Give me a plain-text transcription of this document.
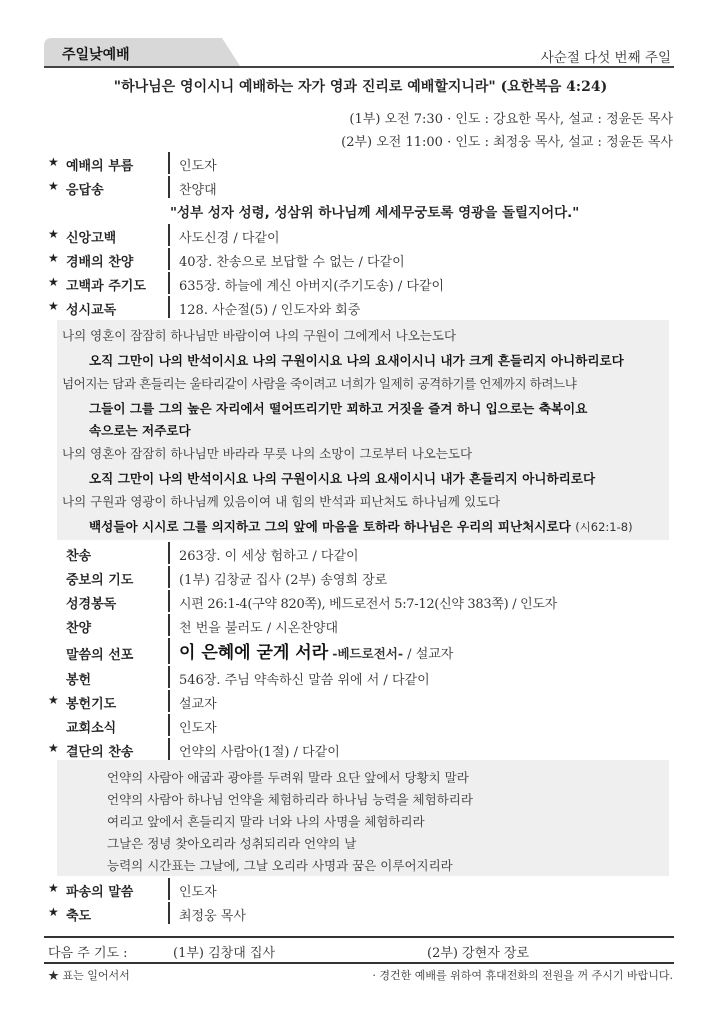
주일낮예배	사순절 다섯 번째 주일
"하나님은 영이시니 예배하는 자가 영과 진리로 예배할지니라" (요한복음 4:24)
(1부) 오전 7:30 · 인도 : 강요한 목사, 설교 : 정윤돈 목사
(2부) 오전 11:00 · 인도 : 최정웅 목사, 설교 : 정윤돈 목사
★ 예배의 부름	인도자
★ 응답송	찬양대
"성부 성자 성령, 성삼위 하나님께 세세무궁토록 영광을 돌릴지어다."
★ 신앙고백	사도신경 / 다같이
★ 경배의 찬양	40장. 찬송으로 보답할 수 없는 / 다같이
★ 고백과 주기도	635장. 하늘에 계신 아버지(주기도송) / 다같이
★ 성시교독	128. 사순절(5) / 인도자와 회중
나의 영혼이 잠잠히 하나님만 바람이여 나의 구원이 그에게서 나오는도다
오직 그만이 나의 반석이시요 나의 구원이시요 나의 요새이시니 내가 크게 흔들리지 아니하리로다
넘어지는 담과 흔들리는 울타리같이 사람을 죽이려고 너희가 일제히 공격하기를 언제까지 하려느냐
그들이 그를 그의 높은 자리에서 떨어뜨리기만 꾀하고 거짓을 즐겨 하니 입으로는 축복이요
속으로는 저주로다
나의 영혼아 잠잠히 하나님만 바라라 무릇 나의 소망이 그로부터 나오는도다
오직 그만이 나의 반석이시요 나의 구원이시요 나의 요새이시니 내가 흔들리지 아니하리로다
나의 구원과 영광이 하나님께 있음이여 내 힘의 반석과 피난처도 하나님께 있도다
백성들아 시시로 그를 의지하고 그의 앞에 마음을 토하라 하나님은 우리의 피난처시로다 (시62:1-8)
찬송	263장. 이 세상 험하고 / 다같이
중보의 기도	(1부) 김창균 집사 (2부) 송영희 장로
성경봉독	시편 26:1-4(구약 820쪽), 베드로전서 5:7-12(신약 383쪽) / 인도자
찬양	천 번을 불러도 / 시온찬양대
말씀의 선포	이 은혜에 굳게 서라 -베드로전서- / 설교자
봉헌	546장. 주님 약속하신 말씀 위에 서 / 다같이
★ 봉헌기도	설교자
교회소식	인도자
★ 결단의 찬송	언약의 사람아(1절) / 다같이
언약의 사람아 애굽과 광야를 두려워 말라 요단 앞에서 당황치 말라
언약의 사람아 하나님 언약을 체험하리라 하나님 능력을 체험하리라
여리고 앞에서 흔들리지 말라 너와 나의 사명을 체험하리라
그날은 정녕 찾아오리라 성취되리라 언약의 날
능력의 시간표는 그날에, 그날 오리라 사명과 꿈은 이루어지리라
★ 파송의 말씀	인도자
★ 축도	최정웅 목사
다음 주 기도 :	(1부) 김창대 집사	(2부) 강현자 장로
★ 표는 일어서서	· 경건한 예배를 위하여 휴대전화의 전원을 꺼 주시기 바랍니다.
